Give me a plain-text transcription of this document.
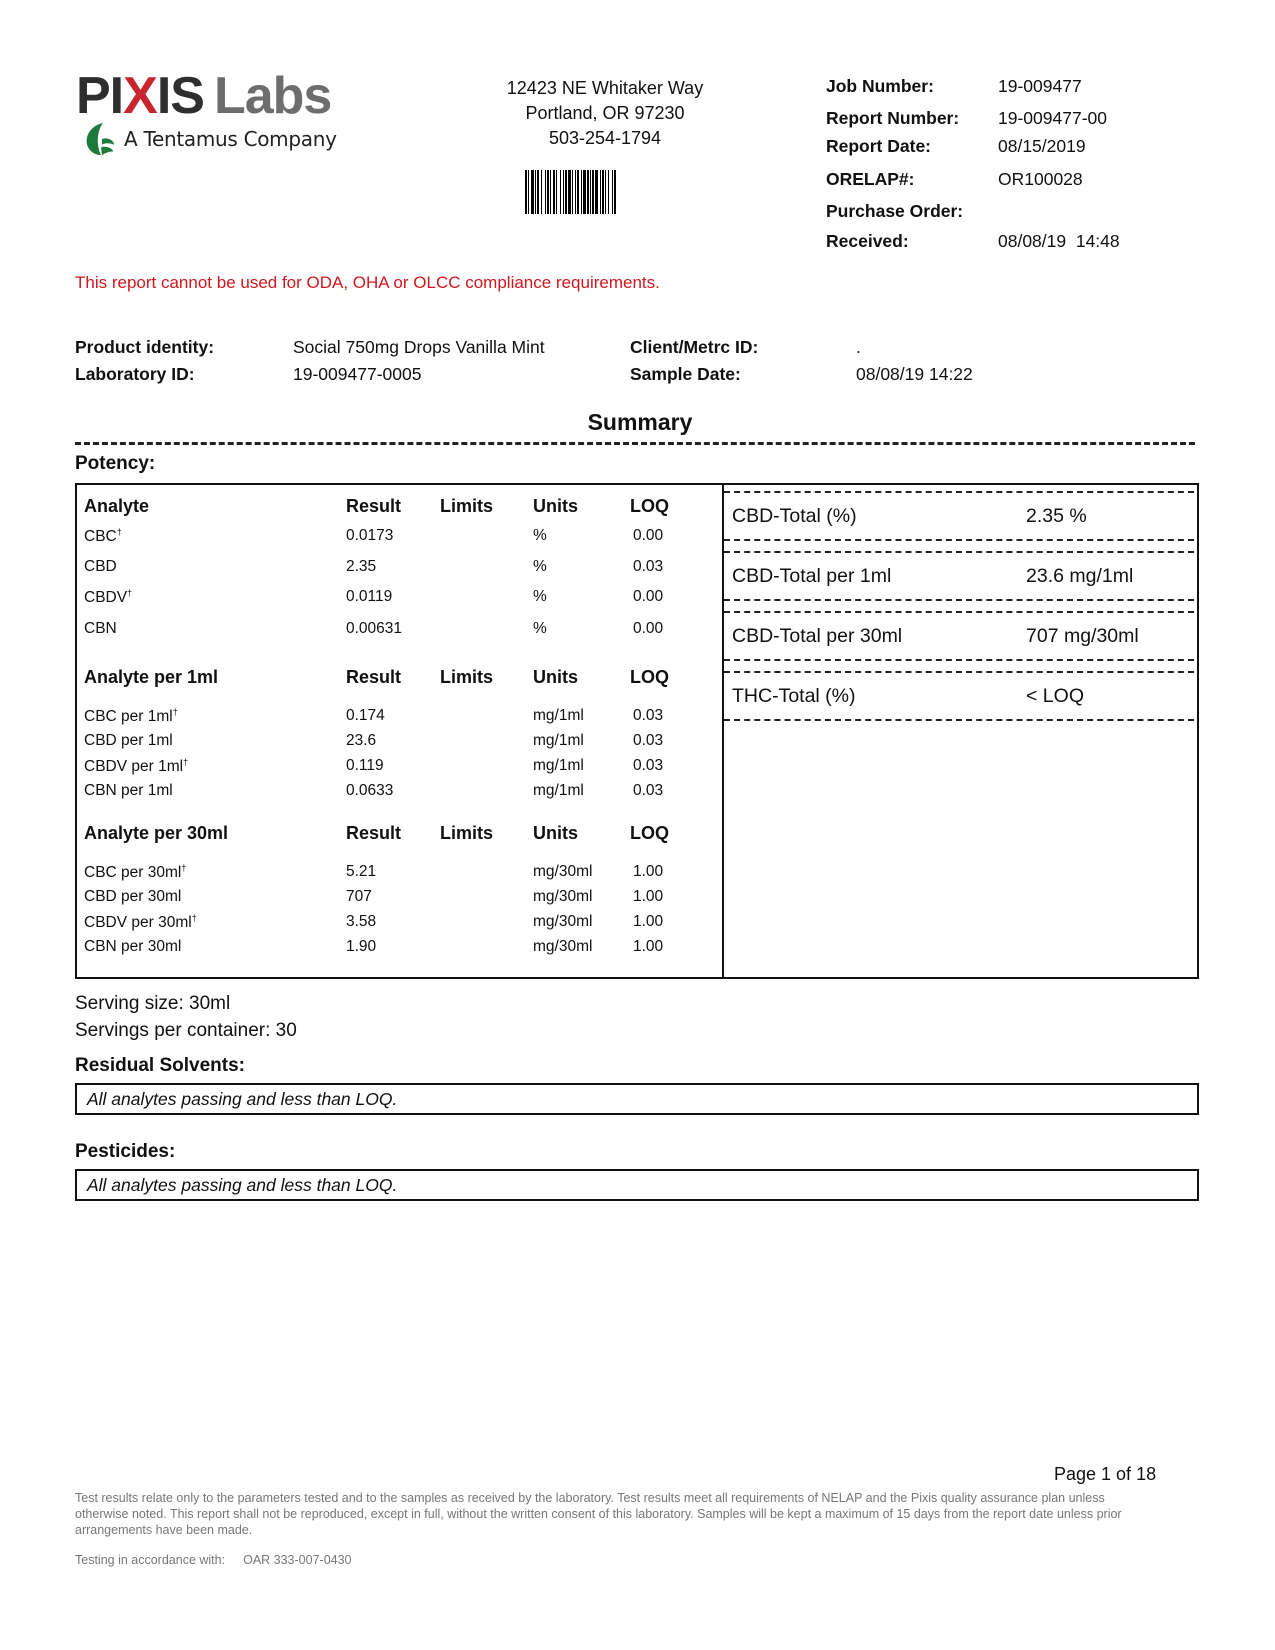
PIXIS Labs
A Tentamus Company
12423 NE Whitaker Way
Portland, OR 97230
503-254-1794
Job Number:	19-009477
Report Number: 19-009477-00
Report Date:	08/15/2019
ORELAP#:	OR100028
Purchase Order:
Received:	08/08/19  14:48
This report cannot be used for ODA, OHA or OLCC compliance requirements.
Product identity:	Social 750mg Drops Vanilla Mint
Laboratory ID:	19-009477-0005
Client/Metrc ID:	.
Sample Date:	08/08/19 14:22
Summary
Potency:
Analyte	Result Limits Units	LOQ
CBC†	0.0173	%	0.00
CBD	2.35	%	0.03
CBDV†	0.0119	%	0.00
CBN	0.00631	%	0.00
Analyte per 1ml	Result Limits Units	LOQ
CBC per 1ml†	0.174	mg/1ml	0.03
CBD per 1ml	23.6	mg/1ml	0.03
CBDV per 1ml†	0.119	mg/1ml	0.03
CBN per 1ml	0.0633	mg/1ml	0.03
Analyte per 30ml	Result Limits Units	LOQ
CBC per 30ml†	5.21	mg/30ml	1.00
CBD per 30ml	707	mg/30ml	1.00
CBDV per 30ml†	3.58	mg/30ml	1.00
CBN per 30ml	1.90	mg/30ml	1.00
CBD-Total (%)	2.35 %
CBD-Total per 1ml	23.6 mg/1ml
CBD-Total per 30ml	707 mg/30ml
THC-Total (%)	< LOQ
Serving size: 30ml
Servings per container: 30
Residual Solvents:
All analytes passing and less than LOQ.
Pesticides:
All analytes passing and less than LOQ.
Page 1 of 18
Test results relate only to the parameters tested and to the samples as received by the laboratory. Test results meet all requirements of NELAP and the Pixis quality assurance plan unless otherwise noted. This report shall not be reproduced, except in full, without the written consent of this laboratory. Samples will be kept a maximum of 15 days from the report date unless prior arrangements have been made.
Testing in accordance with: OAR 333-007-0430
